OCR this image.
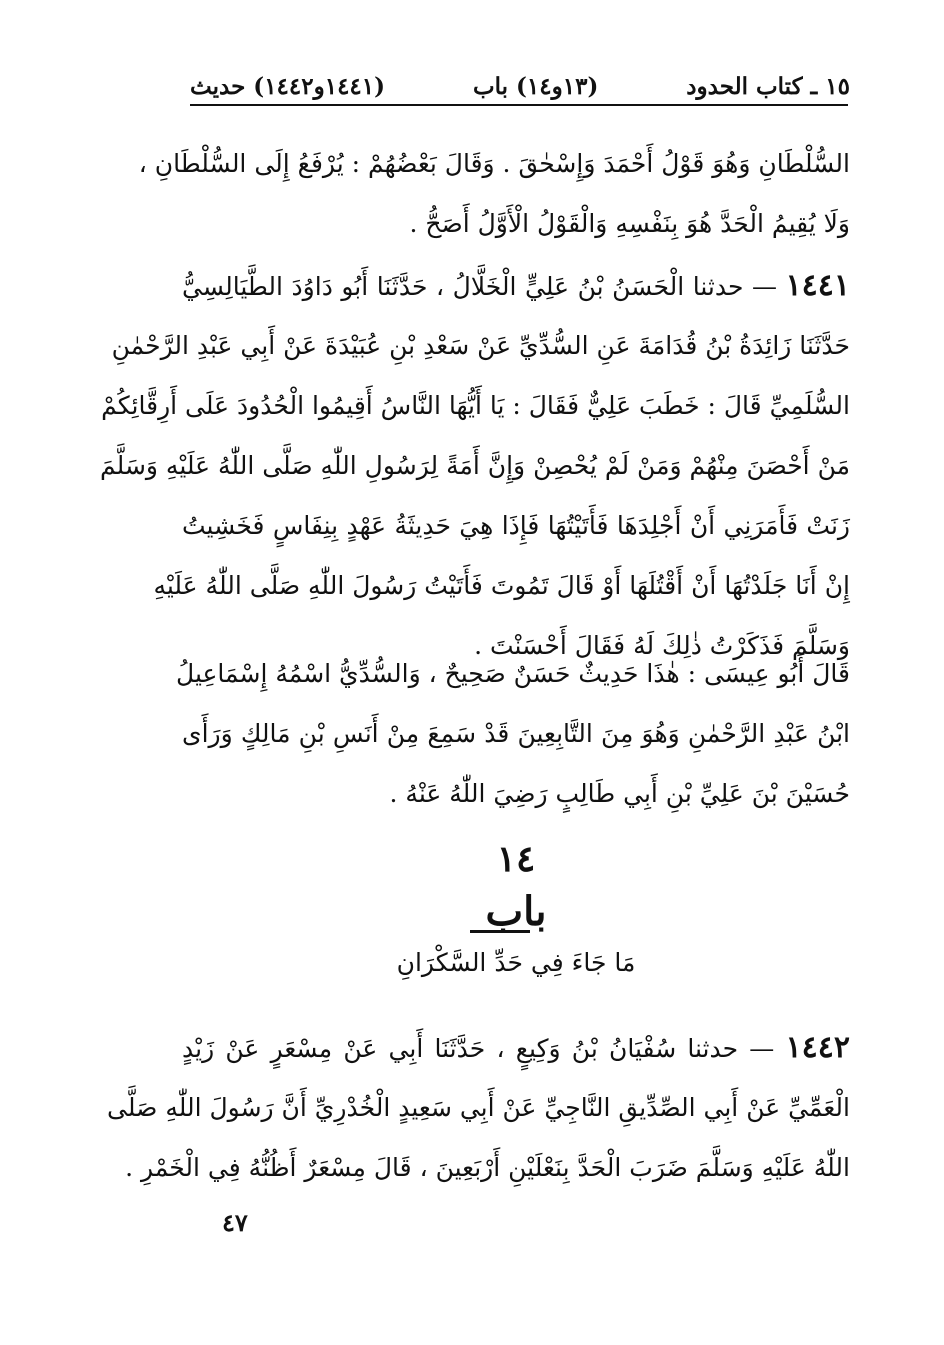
١٥ ـ كتاب الحدود
(١٣و١٤) باب
(١٤٤١و١٤٤٢) حديث
السُّلْطَانِ وَهُوَ قَوْلُ أَحْمَدَ وَإِسْحٰقَ . وَقَالَ بَعْضُهُمْ : يُرْفَعُ إِلَى السُّلْطَانِ ،
وَلَا يُقِيمُ الْحَدَّ هُوَ بِنَفْسِهِ وَالْقَوْلُ الْأَوَّلُ أَصَحُّ .
١٤٤١ — حدثنا الْحَسَنُ بْنُ عَلِيٍّ الْخَلَّالُ ، حَدَّثَنَا أَبُو دَاوُدَ الطَّيَالِسِيُّ
حَدَّثَنَا زَائِدَةُ بْنُ قُدَامَةَ عَنِ السُّدِّيِّ عَنْ سَعْدِ بْنِ عُبَيْدَةَ عَنْ أَبِي عَبْدِ الرَّحْمٰنِ
السُّلَمِيِّ قَالَ : خَطَبَ عَلِيٌّ فَقَالَ : يَا أَيُّهَا النَّاسُ أَقِيمُوا الْحُدُودَ عَلَى أَرِقَّائِكُمْ
مَنْ أَحْصَنَ مِنْهُمْ وَمَنْ لَمْ يُحْصِنْ وَإِنَّ أَمَةً لِرَسُولِ اللّٰهِ صَلَّى اللّٰهُ عَلَيْهِ وَسَلَّمَ
زَنَتْ فَأَمَرَنِي أَنْ أَجْلِدَهَا فَأَتَيْتُهَا فَإِذَا هِيَ حَدِيثَةُ عَهْدٍ بِنِفَاسٍ فَخَشِيتُ
إِنْ أَنَا جَلَدْتُهَا أَنْ أَقْتُلَهَا أَوْ قَالَ تَمُوتَ فَأَتَيْتُ رَسُولَ اللّٰهِ صَلَّى اللّٰهُ عَلَيْهِ
وَسَلَّمَ فَذَكَرْتُ ذٰلِكَ لَهُ فَقَالَ أَحْسَنْتَ .
قَالَ أَبُو عِيسَى : هٰذَا حَدِيثٌ حَسَنٌ صَحِيحٌ ، وَالسُّدِّيُّ اسْمُهُ إِسْمَاعِيلُ
ابْنُ عَبْدِ الرَّحْمٰنِ وَهُوَ مِنَ التَّابِعِينَ قَدْ سَمِعَ مِنْ أَنَسِ بْنِ مَالِكٍ وَرَأَى
حُسَيْنَ بْنَ عَلِيِّ بْنِ أَبِي طَالِبٍ رَضِيَ اللّٰهُ عَنْهُ .
١٤
باب
مَا جَاءَ فِي حَدِّ السَّكْرَانِ
١٤٤٢ — حدثنا سُفْيَانُ بْنُ وَكِيعٍ ، حَدَّثَنَا أَبِي عَنْ مِسْعَرٍ عَنْ زَيْدٍ
الْعَمِّيِّ عَنْ أَبِي الصِّدِّيقِ النَّاجِيِّ عَنْ أَبِي سَعِيدٍ الْخُدْرِيِّ أَنَّ رَسُولَ اللّٰهِ صَلَّى
اللّٰهُ عَلَيْهِ وَسَلَّمَ ضَرَبَ الْحَدَّ بِنَعْلَيْنِ أَرْبَعِينَ ، قَالَ مِسْعَرٌ أَظُنُّهُ فِي الْخَمْرِ .
٤٧
